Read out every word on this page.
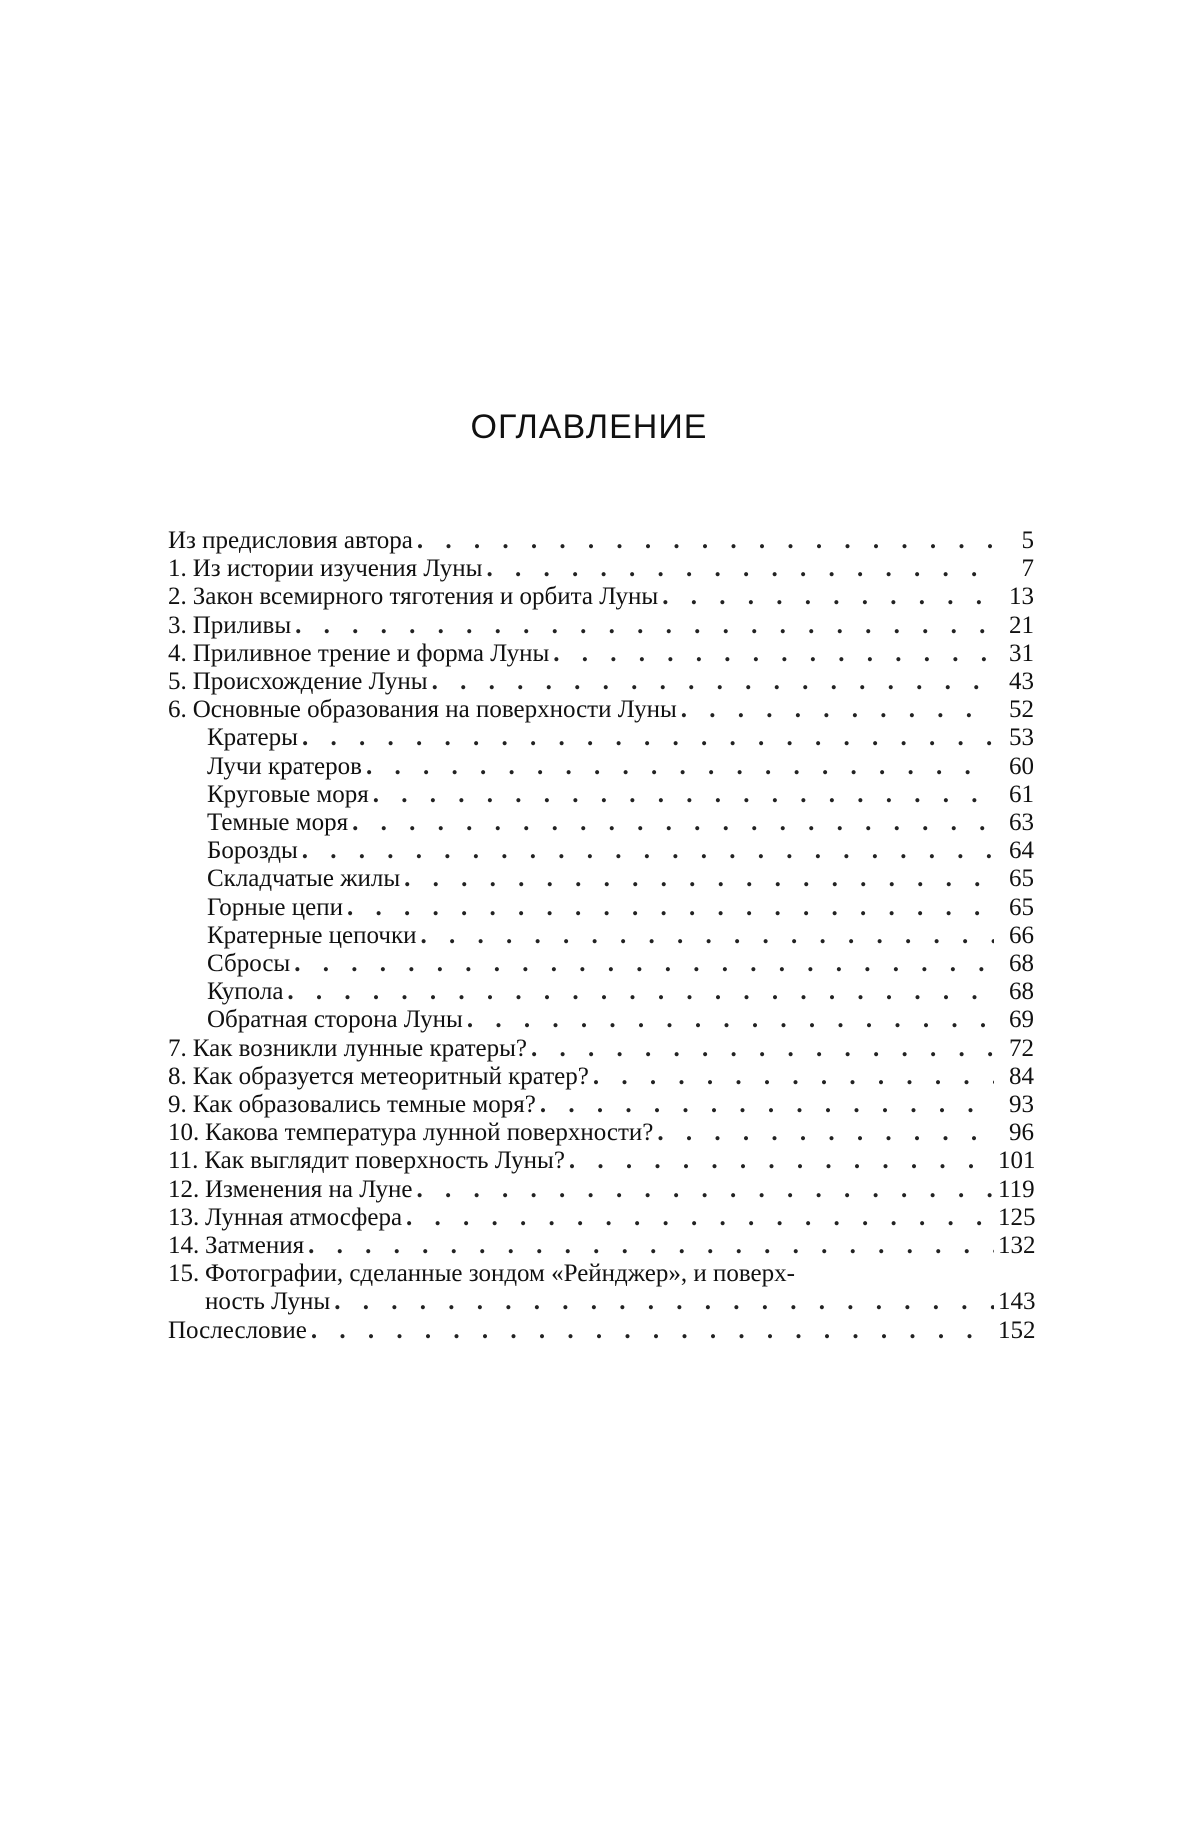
ОГЛАВЛЕНИЕ
Из предисловия автора . . .	5
1. Из истории изучения Луны . . .	7
2. Закон всемирного тяготения и орбита Луны . . .	13
3. Приливы . . .	21
4. Приливное трение и форма Луны . . .	31
5. Происхождение Луны . . .	43
6. Основные образования на поверхности Луны . . .	52
Кратеры . . .	53
Лучи кратеров . . .	60
Круговые моря . . .	61
Темные моря . . .	63
Борозды . . .	64
Складчатые жилы . . .	65
Горные цепи . . .	65
Кратерные цепочки . . .	66
Сбросы . . .	68
Купола . . .	68
Обратная сторона Луны . . .	69
7. Как возникли лунные кратеры? . . .	72
8. Как образуется метеоритный кратер? . . .	84
9. Как образовались темные моря? . . .	93
10. Какова температура лунной поверхности? . . .	96
11. Как выглядит поверхность Луны? . . .	101
12. Изменения на Луне . . .	119
13. Лунная атмосфера . . .	125
14. Затмения . . .	132
15. Фотографии, сделанные зондом «Рейнджер», и поверх-
ность Луны . . .	143
Послесловие . . .	152
